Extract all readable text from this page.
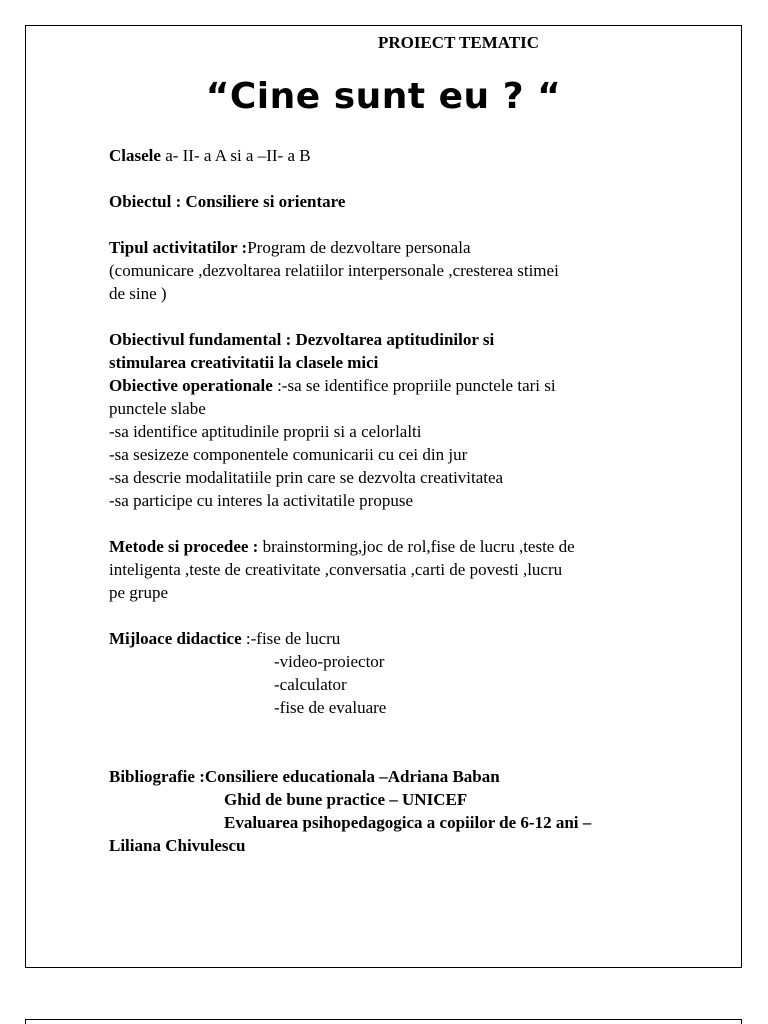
PROIECT TEMATIC
“Cine sunt eu ? “

Clasele a- II- a A si a –II- a B

Obiectul : Consiliere si orientare

Tipul activitatilor :Program de dezvoltare personala

(comunicare ,dezvoltarea relatiilor interpersonale ,cresterea stimei

de sine )

Obiectivul fundamental : Dezvoltarea aptitudinilor si

stimularea creativitatii la clasele mici

Obiective operationale :-sa se identifice propriile punctele tari si

punctele slabe

-sa identifice aptitudinile proprii si a celorlalti

-sa sesizeze componentele comunicarii cu cei din jur

-sa descrie modalitatiile prin care se dezvolta creativitatea

-sa participe cu interes la activitatile propuse

Metode si procedee : brainstorming,joc de rol,fise de lucru ,teste de

inteligenta ,teste de creativitate ,conversatia ,carti de povesti ,lucru

pe grupe

Mijloace didactice :-fise de lucru

-video-proiector

-calculator

-fise de evaluare

Bibliografie :Consiliere educationala –Adriana Baban

Ghid de bune practice – UNICEF

Evaluarea psihopedagogica a copiilor de 6-12 ani –

Liliana Chivulescu
